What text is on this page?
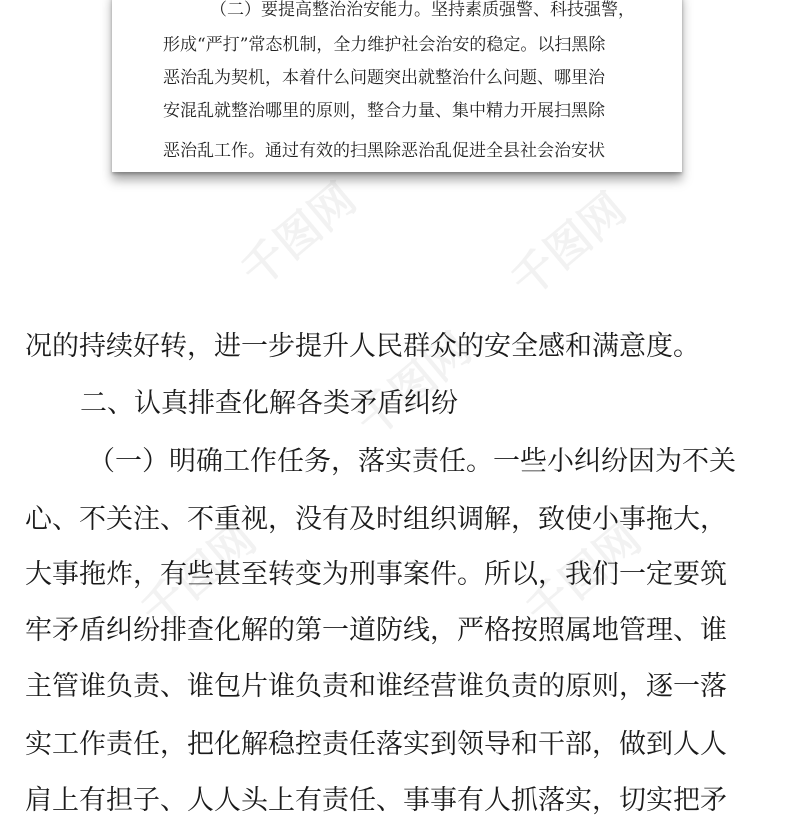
千图网	千图网
千图网
千图网	千图网
（二）要提高整治治安能力。坚持素质强警、科技强警，
形成“严打”常态机制，全力维护社会治安的稳定。以扫黑除
恶治乱为契机，本着什么问题突出就整治什么问题、哪里治
安混乱就整治哪里的原则，整合力量、集中精力开展扫黑除
恶治乱工作。通过有效的扫黑除恶治乱促进全县社会治安状
况的持续好转，进一步提升人民群众的安全感和满意度。
二、认真排查化解各类矛盾纠纷
（一）明确工作任务，落实责任。一些小纠纷因为不关
心、不关注、不重视，没有及时组织调解，致使小事拖大，
大事拖炸，有些甚至转变为刑事案件。所以，我们一定要筑
牢矛盾纠纷排查化解的第一道防线，严格按照属地管理、谁
主管谁负责、谁包片谁负责和谁经营谁负责的原则，逐一落
实工作责任，把化解稳控责任落实到领导和干部，做到人人
肩上有担子、人人头上有责任、事事有人抓落实，切实把矛
